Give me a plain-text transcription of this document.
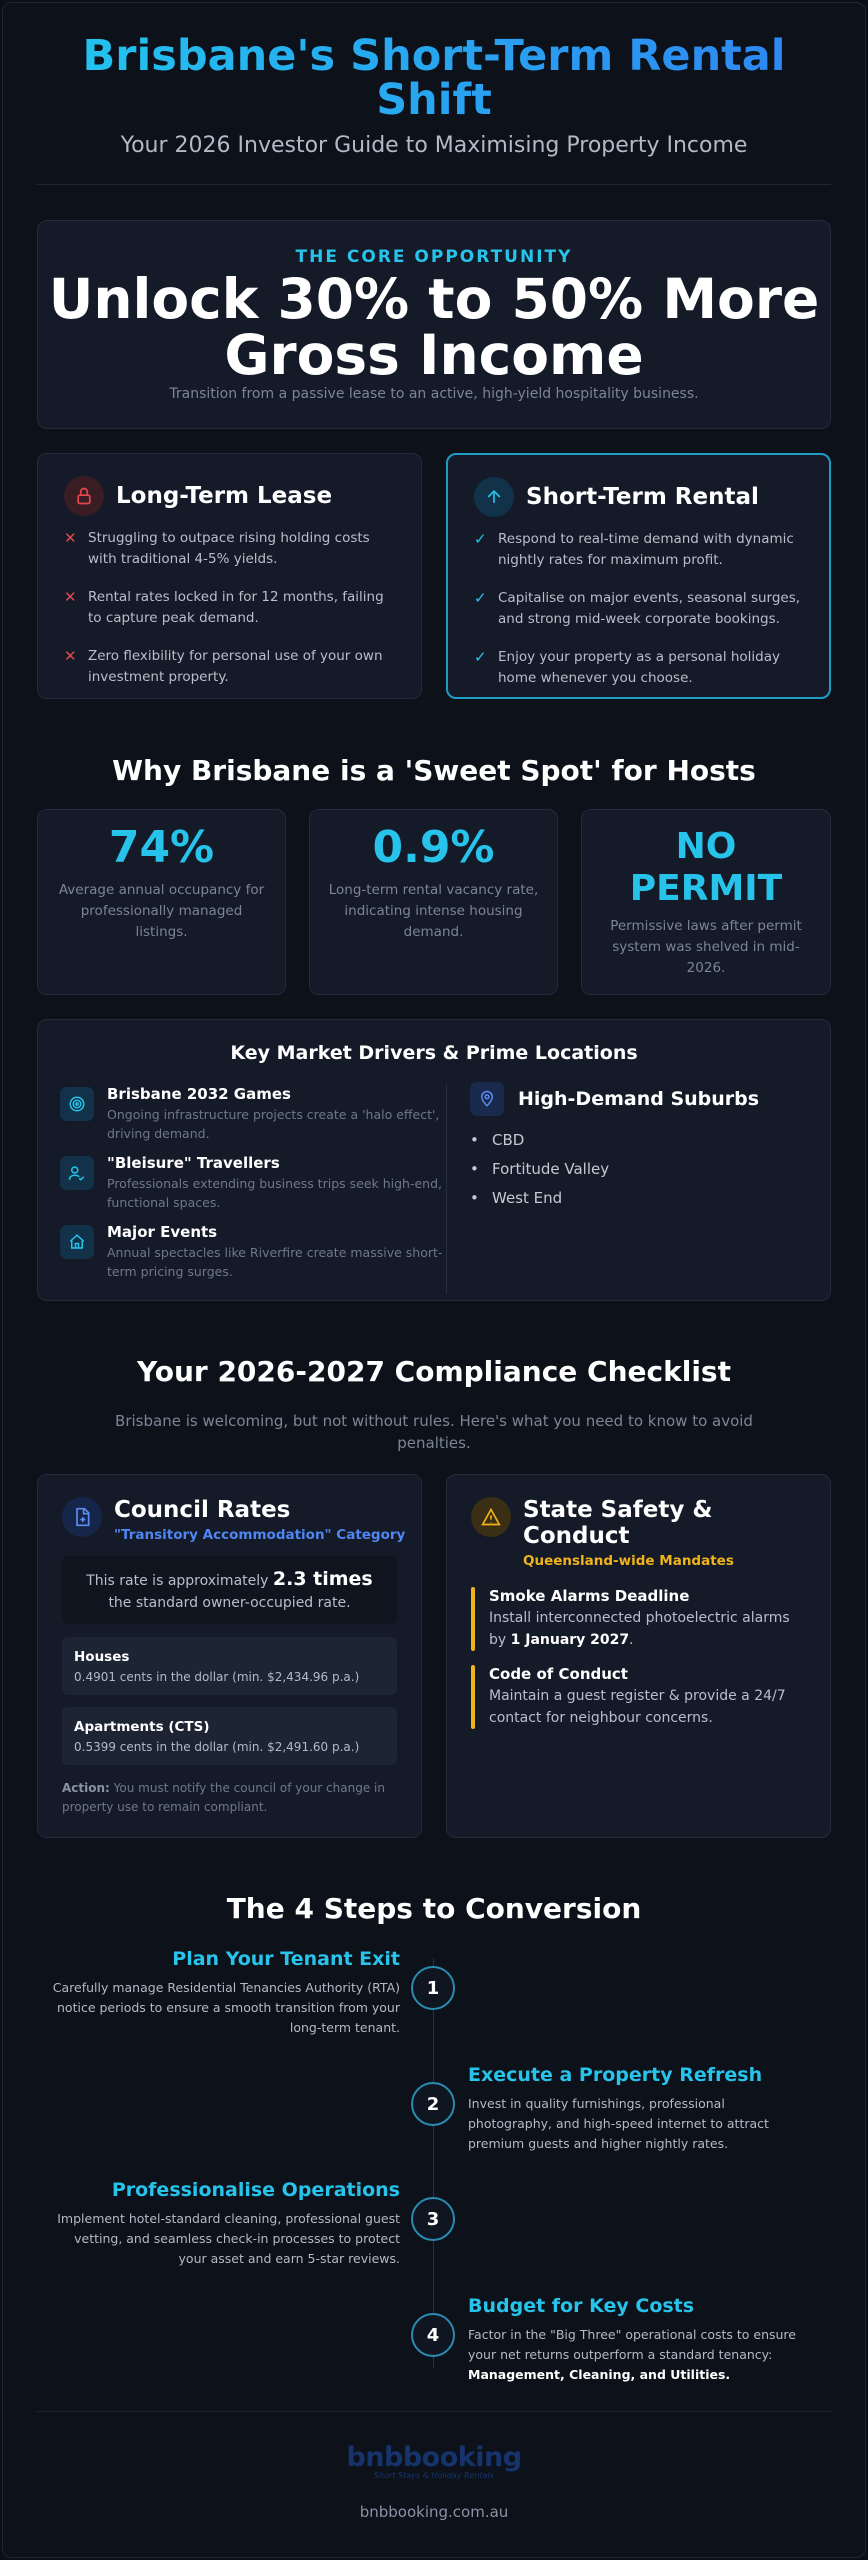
Brisbane's Short-Term Rental Shift
Your 2026 Investor Guide to Maximising Property Income
THE CORE OPPORTUNITY
Unlock 30% to 50% More Gross Income
Transition from a passive lease to an active, high-yield hospitality business.
Long-Term Lease
✕ Struggling to outpace rising holding costs with traditional 4-5% yields.
✕ Rental rates locked in for 12 months, failing to capture peak demand.
✕ Zero flexibility for personal use of your own investment property.
Short-Term Rental
✓ Respond to real-time demand with dynamic nightly rates for maximum profit.
✓ Capitalise on major events, seasonal surges, and strong mid-week corporate bookings.
✓ Enjoy your property as a personal holiday home whenever you choose.
Why Brisbane is a 'Sweet Spot' for Hosts
74%
Average annual occupancy for professionally managed listings.
0.9%
Long-term rental vacancy rate, indicating intense housing demand.
NO PERMIT
Permissive laws after permit system was shelved in mid-2026.
Key Market Drivers & Prime Locations
Brisbane 2032 Games
Ongoing infrastructure projects create a 'halo effect', driving demand.
"Bleisure" Travellers
Professionals extending business trips seek high-end, functional spaces.
Major Events
Annual spectacles like Riverfire create massive short-term pricing surges.
High-Demand Suburbs
• CBD
• Fortitude Valley
• West End
Your 2026-2027 Compliance Checklist
Brisbane is welcoming, but not without rules. Here's what you need to know to avoid penalties.
Council Rates
"Transitory Accommodation" Category
This rate is approximately 2.3 times the standard owner-occupied rate.
Houses
0.4901 cents in the dollar (min. $2,434.96 p.a.)
Apartments (CTS)
0.5399 cents in the dollar (min. $2,491.60 p.a.)
Action: You must notify the council of your change in property use to remain compliant.
State Safety & Conduct
Queensland-wide Mandates
Smoke Alarms Deadline
Install interconnected photoelectric alarms by 1 January 2027.
Code of Conduct
Maintain a guest register & provide a 24/7 contact for neighbour concerns.
The 4 Steps to Conversion
1
Plan Your Tenant Exit
Carefully manage Residential Tenancies Authority (RTA) notice periods to ensure a smooth transition from your long-term tenant.
2
Execute a Property Refresh
Invest in quality furnishings, professional photography, and high-speed internet to attract premium guests and higher nightly rates.
3
Professionalise Operations
Implement hotel-standard cleaning, professional guest vetting, and seamless check-in processes to protect your asset and earn 5-star reviews.
4
Budget for Key Costs
Factor in the "Big Three" operational costs to ensure your net returns outperform a standard tenancy: Management, Cleaning, and Utilities.
bnbbooking
Short Stays & Holiday Rentals
bnbbooking.com.au
